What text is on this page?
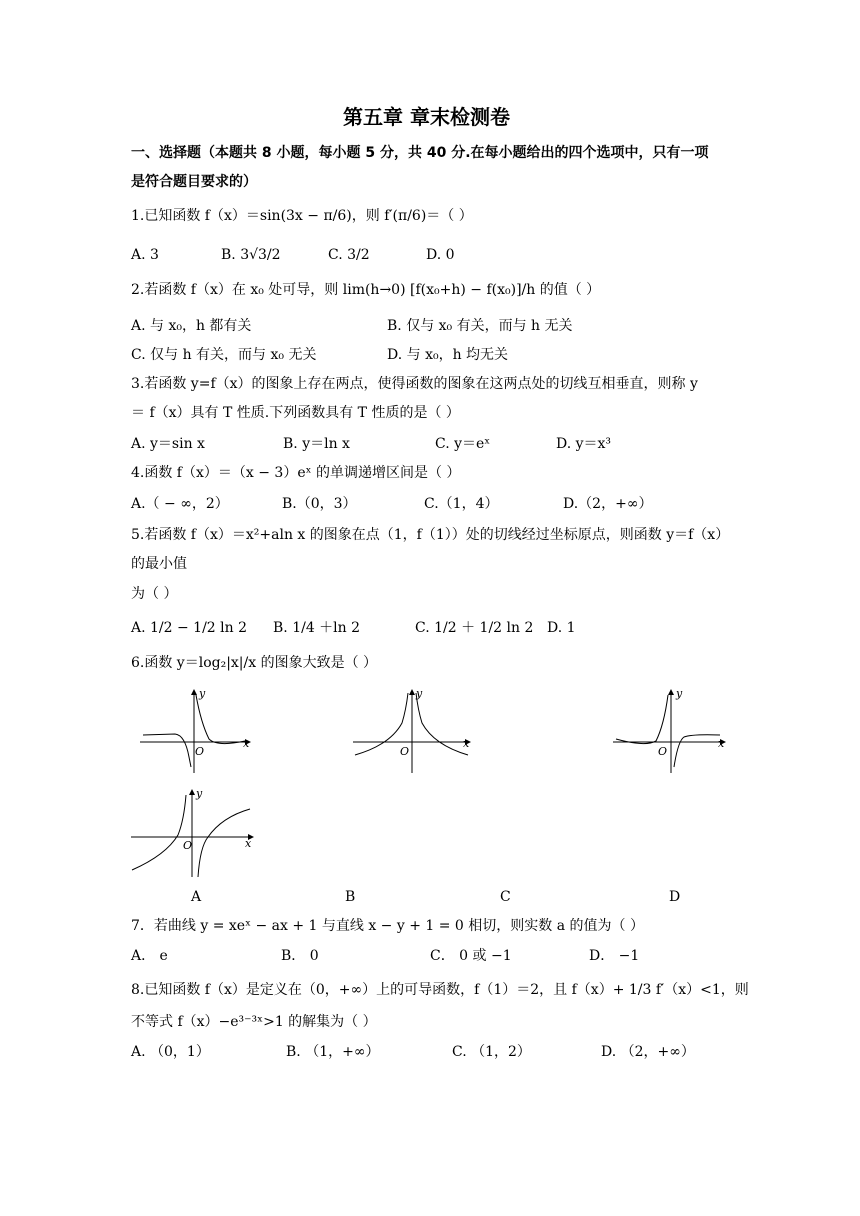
第五章 章末检测卷
一、选择题（本题共 8 小题，每小题 5 分，共 40 分.在每小题给出的四个选项中，只有一项
是符合题目要求的）
1.已知函数 f（x）＝sin(3x − π/6)，则 f′(π/6)＝（ ）
A. 3	B. 3√3/2	C. 3/2	D. 0
2.若函数 f（x）在 x₀ 处可导，则 lim(h→0) [f(x₀+h) − f(x₀)]/h 的值（ ）
A. 与 x₀，h 都有关	B. 仅与 x₀ 有关，而与 h 无关
C. 仅与 h 有关，而与 x₀ 无关	D. 与 x₀，h 均无关
3.若函数 y=f（x）的图象上存在两点，使得函数的图象在这两点处的切线互相垂直，则称 y
＝ f（x）具有 T 性质.下列函数具有 T 性质的是（ ）
A. y＝sin x	B. y＝ln x	C. y＝eˣ	D. y＝x³
4.函数 f（x）＝（x − 3）eˣ 的单调递增区间是（ ）
A.（ − ∞，2）	B.（0，3）	C.（1，4）	D.（2，+∞）
5.若函数 f（x）＝x²+aln x 的图象在点（1，f（1））处的切线经过坐标原点，则函数 y＝f（x）
的最小值
为（ ）
A. 1/2 − 1/2 ln 2 B. 1/4 ＋ln 2	C. 1/2 ＋ 1/2 ln 2 D. 1
6.函数 y＝log₂|x|/x 的图象大致是（ ）
y
x
O
y
x
O
y
x
O
y
x
O
A	B	C	D
7．若曲线 y = xeˣ − ax + 1 与直线 x − y + 1 = 0 相切，则实数 a 的值为（ ）
A． e	B． 0	C． 0 或 −1	D． −1
8.已知函数 f（x）是定义在（0，+∞）上的可导函数，f（1）＝2，且 f（x）+ 1/3 f′（x）<1，则
不等式 f（x）−e³⁻³ˣ>1 的解集为（ ）
A. （0，1）	B. （1，+∞）	C. （1，2）	D. （2，+∞）
